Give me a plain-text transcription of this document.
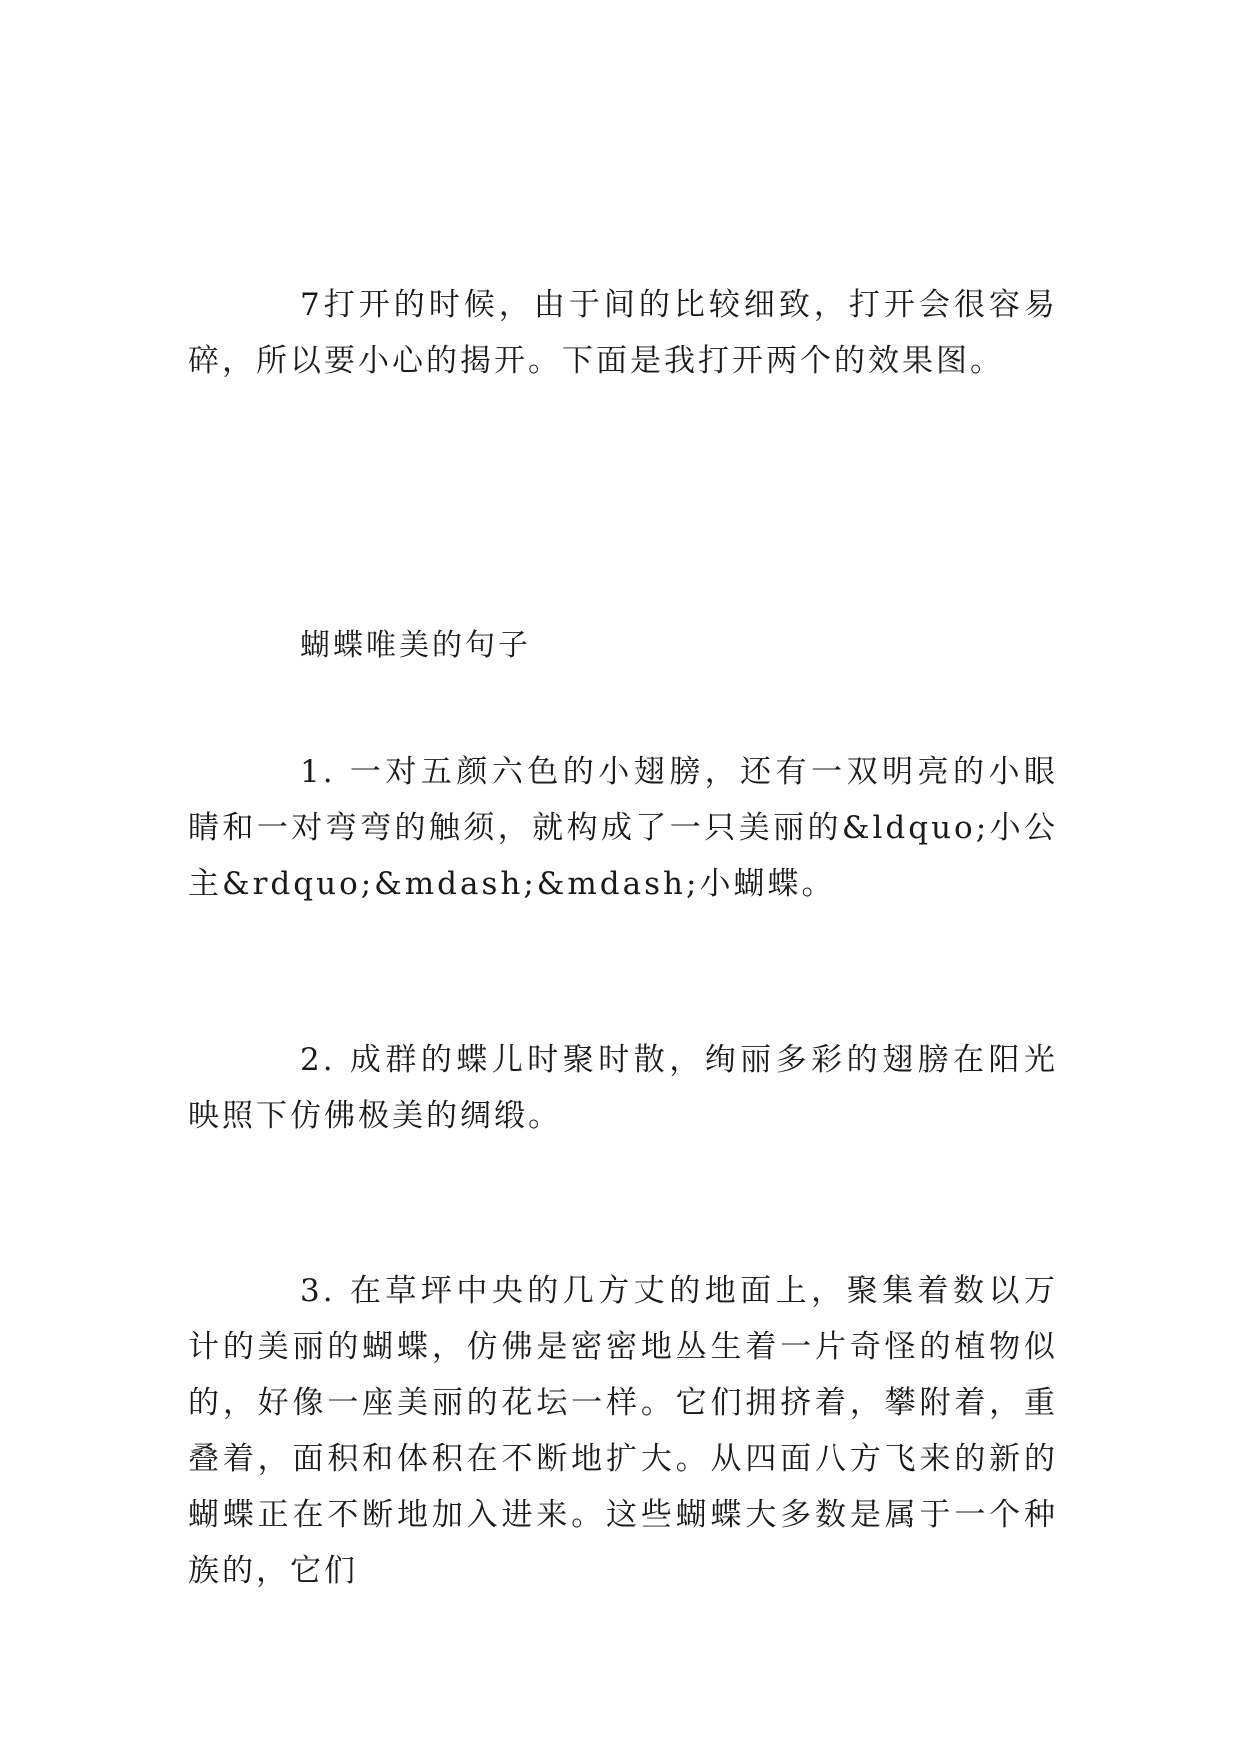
7打开的时候，由于间的比较细致，打开会很容易碎，所以要小心的揭开。下面是我打开两个的效果图。

蝴蝶唯美的句子

1. 一对五颜六色的小翅膀，还有一双明亮的小眼睛和一对弯弯的触须，就构成了一只美丽的&ldquo;小公主&rdquo;&mdash;&mdash;小蝴蝶。

2. 成群的蝶儿时聚时散，绚丽多彩的翅膀在阳光映照下仿佛极美的绸缎。

3. 在草坪中央的几方丈的地面上，聚集着数以万计的美丽的蝴蝶，仿佛是密密地丛生着一片奇怪的植物似的，好像一座美丽的花坛一样。它们拥挤着，攀附着，重叠着，面积和体积在不断地扩大。从四面八方飞来的新的蝴蝶正在不断地加入进来。这些蝴蝶大多数是属于一个种族的，它们
